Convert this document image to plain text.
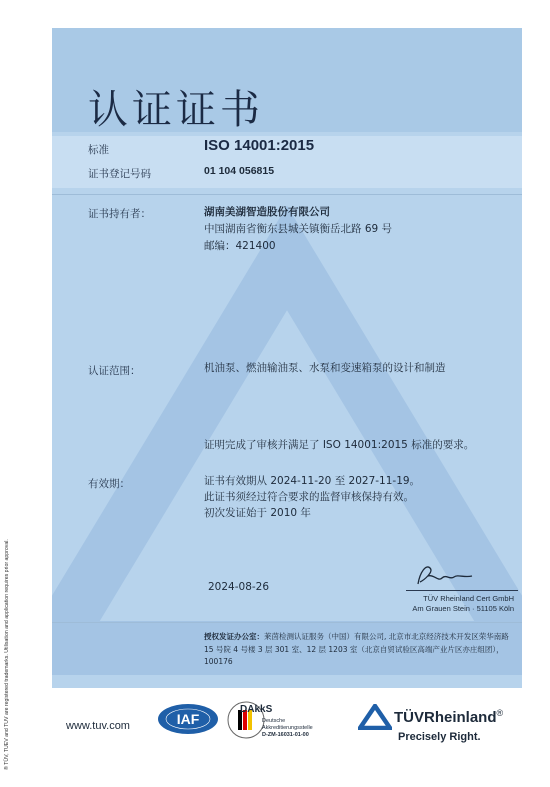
认证证书
标准	ISO 14001:2015
证书登记号码	01 104 056815
证书持有者：	湖南美湖智造股份有限公司
中国湖南省衡东县城关镇衡岳北路 69 号
邮编：421400
认证范围：	机油泵、燃油输油泵、水泵和变速箱泵的设计和制造
证明完成了审核并满足了 ISO 14001:2015 标准的要求。
有效期：	证书有效期从 2024-11-20 至 2027-11-19。
此证书须经过符合要求的监督审核保持有效。
初次发证始于 2010 年
2024-08-26
TÜV Rheinland Cert GmbH
Am Grauen Stein · 51105 Köln
授权发证办公室：莱茵检测认证服务（中国）有限公司, 北京市北京经济技术开发区荣华南路 15 号院 4 号楼 3 层 301 室、12 层 1203 室（北京自贸试验区高端产业片区亦庄组团），100176
www.tuv.com	IAF
DAkkS
Deutsche
Akkreditierungsstelle
D-ZM-16031-01-00
TÜVRheinland®
Precisely Right.
® TÜV, TUEV and TUV are registered trademarks. Utilisation and application requires prior approval.
